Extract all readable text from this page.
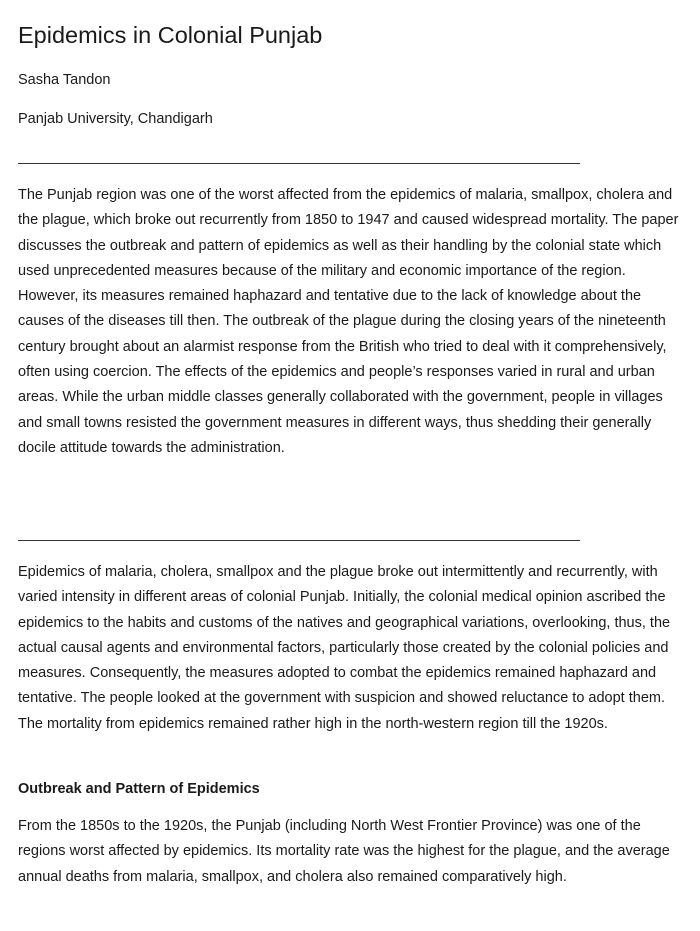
Epidemics in Colonial Punjab

Sasha Tandon

Panjab University, Chandigarh

The Punjab region was one of the worst affected from the epidemics of malaria, smallpox, cholera and the plague, which broke out recurrently from 1850 to 1947 and caused widespread mortality. The paper discusses the outbreak and pattern of epidemics as well as their handling by the colonial state which used unprecedented measures because of the military and economic importance of the region. However, its measures remained haphazard and tentative due to the lack of knowledge about the causes of the diseases till then. The outbreak of the plague during the closing years of the nineteenth century brought about an alarmist response from the British who tried to deal with it comprehensively, often using coercion. The effects of the epidemics and people’s responses varied in rural and urban areas. While the urban middle classes generally collaborated with the government, people in villages and small towns resisted the government measures in different ways, thus shedding their generally docile attitude towards the administration.

Epidemics of malaria, cholera, smallpox and the plague broke out intermittently and recurrently, with varied intensity in different areas of colonial Punjab. Initially, the colonial medical opinion ascribed the epidemics to the habits and customs of the natives and geographical variations, overlooking, thus, the actual causal agents and environmental factors, particularly those created by the colonial policies and measures. Consequently, the measures adopted to combat the epidemics remained haphazard and tentative. The people looked at the government with suspicion and showed reluctance to adopt them. The mortality from epidemics remained rather high in the north-western region till the 1920s.

Outbreak and Pattern of Epidemics

From the 1850s to the 1920s, the Punjab (including North West Frontier Province) was one of the regions worst affected by epidemics. Its mortality rate was the highest for the plague, and the average annual deaths from malaria, smallpox, and cholera also remained comparatively high.
